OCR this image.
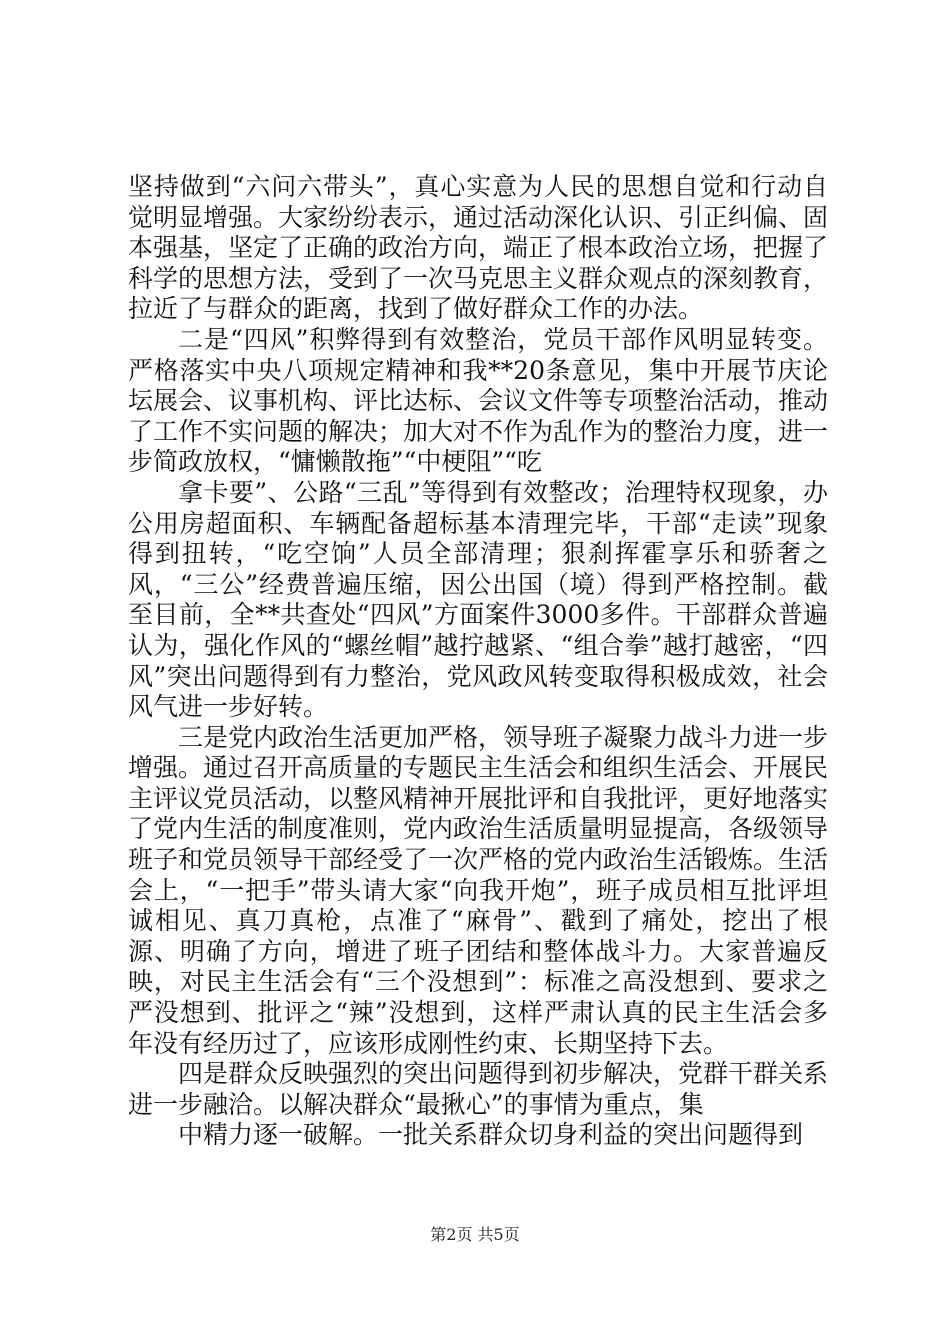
坚持做到“六问六带头”，真心实意为人民的思想自觉和行动自觉明显增强。大家纷纷表示，通过活动深化认识、引正纠偏、固本强基，坚定了正确的政治方向，端正了根本政治立场，把握了科学的思想方法，受到了一次马克思主义群众观点的深刻教育，拉近了与群众的距离，找到了做好群众工作的办法。

二是“四风”积弊得到有效整治，党员干部作风明显转变。严格落实中央八项规定精神和我**20条意见，集中开展节庆论坛展会、议事机构、评比达标、会议文件等专项整治活动，推动了工作不实问题的解决；加大对不作为乱作为的整治力度，进一步简政放权，“慵懒散拖”“中梗阻”“吃

拿卡要”、公路“三乱”等得到有效整改；治理特权现象，办公用房超面积、车辆配备超标基本清理完毕，干部“走读”现象得到扭转，“吃空饷”人员全部清理；狠刹挥霍享乐和骄奢之风，“三公”经费普遍压缩，因公出国（境）得到严格控制。截至目前，全**共查处“四风”方面案件3000多件。干部群众普遍认为，强化作风的“螺丝帽”越拧越紧、“组合拳”越打越密，“四风”突出问题得到有力整治，党风政风转变取得积极成效，社会风气进一步好转。

三是党内政治生活更加严格，领导班子凝聚力战斗力进一步增强。通过召开高质量的专题民主生活会和组织生活会、开展民主评议党员活动，以整风精神开展批评和自我批评，更好地落实了党内生活的制度准则，党内政治生活质量明显提高，各级领导班子和党员领导干部经受了一次严格的党内政治生活锻炼。生活会上，“一把手”带头请大家“向我开炮”，班子成员相互批评坦诚相见、真刀真枪，点准了“麻骨”、戳到了痛处，挖出了根源、明确了方向，增进了班子团结和整体战斗力。大家普遍反映，对民主生活会有“三个没想到”：标准之高没想到、要求之严没想到、批评之“辣”没想到，这样严肃认真的民主生活会多年没有经历过了，应该形成刚性约束、长期坚持下去。

四是群众反映强烈的突出问题得到初步解决，党群干群关系进一步融洽。以解决群众“最揪心”的事情为重点，集

中精力逐一破解。一批关系群众切身利益的突出问题得到

第2页 共5页
